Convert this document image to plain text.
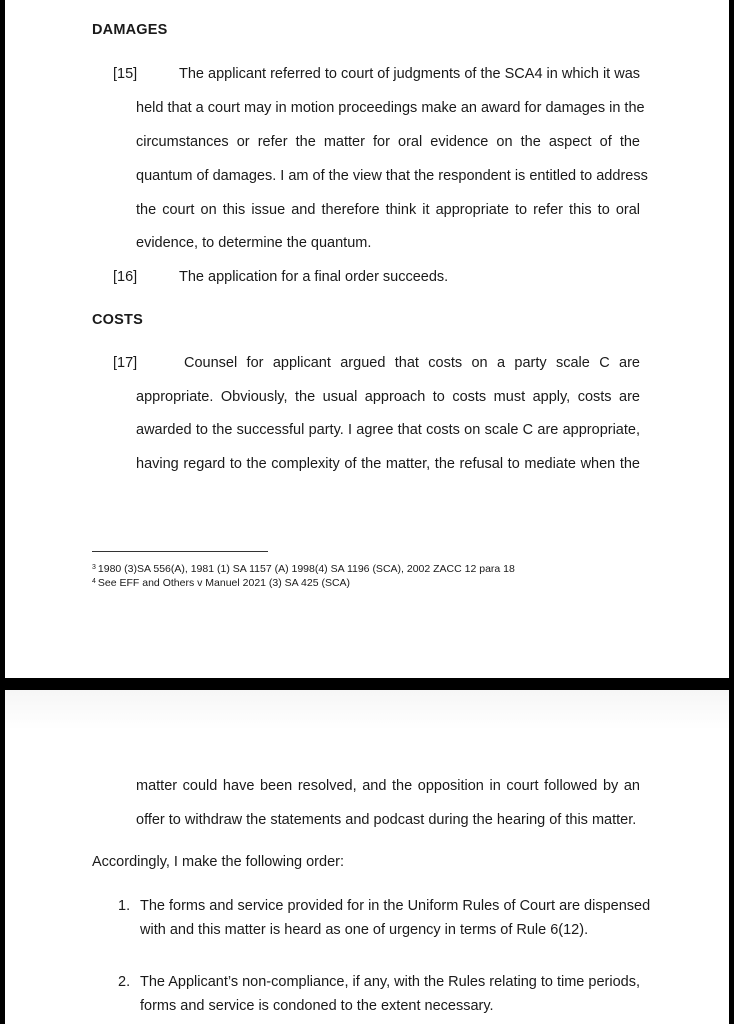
DAMAGES
[15]	The applicant referred to court of judgments of the SCA4 in which it was
held that a court may in motion proceedings make an award for damages in the
circumstances or refer the matter for oral evidence on the aspect of the
quantum of damages. I am of the view that the respondent is entitled to address
the court on this issue and therefore think it appropriate to refer this to oral
evidence, to determine the quantum.
[16]	The application for a final order succeeds.
COSTS
[17]	Counsel for applicant argued that costs on a party scale C are
appropriate. Obviously, the usual approach to costs must apply, costs are
awarded to the successful party. I agree that costs on scale C are appropriate,
having regard to the complexity of the matter, the refusal to mediate when the
$^3$ 1980 (3)SA 556(A), 1981 (1) SA 1157 (A) 1998(4) SA 1196 (SCA), 2002 ZACC 12 para 18
$^4$ See EFF and Others v Manuel 2021 (3) SA 425 (SCA)
matter could have been resolved, and the opposition in court followed by an
offer to withdraw the statements and podcast during the hearing of this matter.
Accordingly, I make the following order:
1. The forms and service provided for in the Uniform Rules of Court are dispensed
with and this matter is heard as one of urgency in terms of Rule 6(12).
2. The Applicant’s non-compliance, if any, with the Rules relating to time periods,
forms and service is condoned to the extent necessary.
